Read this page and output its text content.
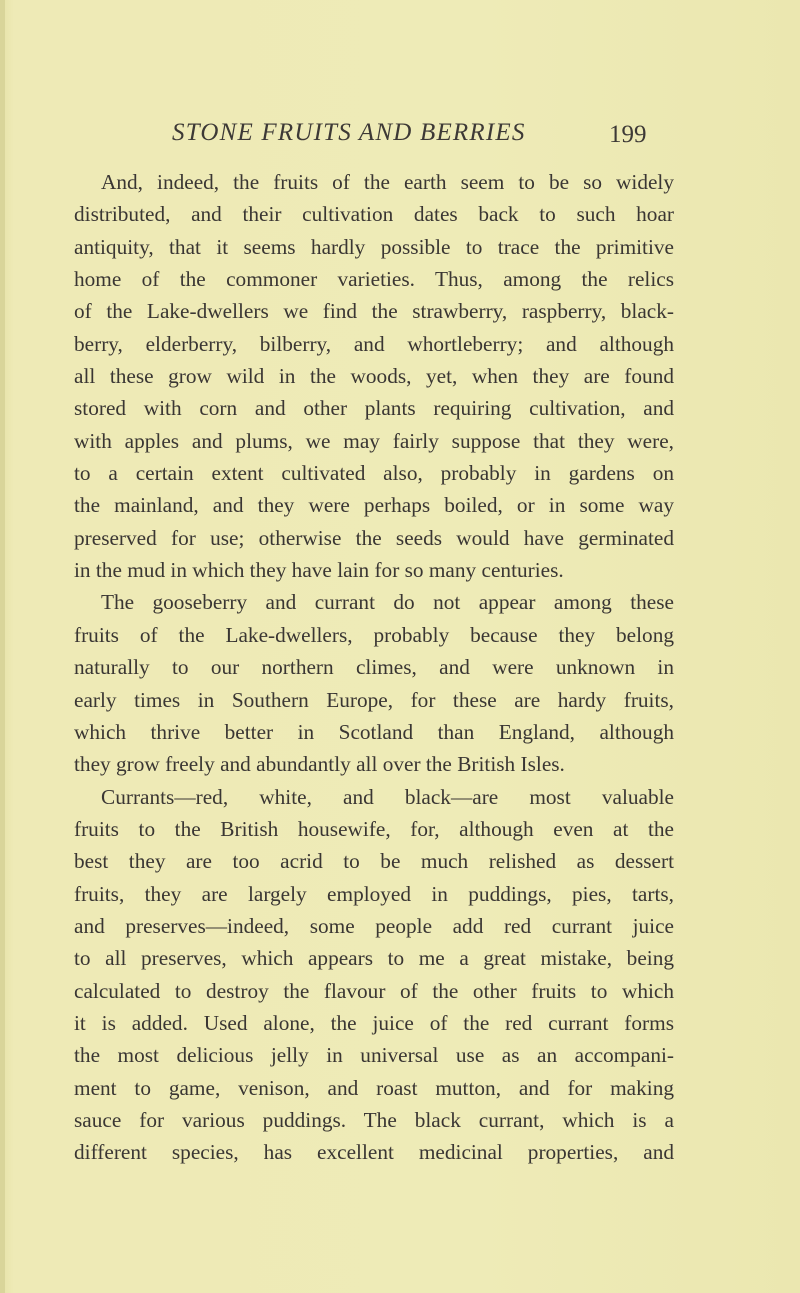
STONE FRUITS AND BERRIES	199
And, indeed, the fruits of the earth seem to be so widely
distributed, and their cultivation dates back to such hoar
antiquity, that it seems hardly possible to trace the primitive
home of the commoner varieties. Thus, among the relics
of the Lake-dwellers we find the strawberry, raspberry, black-
berry, elderberry, bilberry, and whortleberry; and although
all these grow wild in the woods, yet, when they are found
stored with corn and other plants requiring cultivation, and
with apples and plums, we may fairly suppose that they were,
to a certain extent cultivated also, probably in gardens on
the mainland, and they were perhaps boiled, or in some way
preserved for use; otherwise the seeds would have germinated
in the mud in which they have lain for so many centuries.
The gooseberry and currant do not appear among these
fruits of the Lake-dwellers, probably because they belong
naturally to our northern climes, and were unknown in
early times in Southern Europe, for these are hardy fruits,
which thrive better in Scotland than England, although
they grow freely and abundantly all over the British Isles.
Currants—red, white, and black—are most valuable
fruits to the British housewife, for, although even at the
best they are too acrid to be much relished as dessert
fruits, they are largely employed in puddings, pies, tarts,
and preserves—indeed, some people add red currant juice
to all preserves, which appears to me a great mistake, being
calculated to destroy the flavour of the other fruits to which
it is added. Used alone, the juice of the red currant forms
the most delicious jelly in universal use as an accompani-
ment to game, venison, and roast mutton, and for making
sauce for various puddings. The black currant, which is a
different species, has excellent medicinal properties, and
